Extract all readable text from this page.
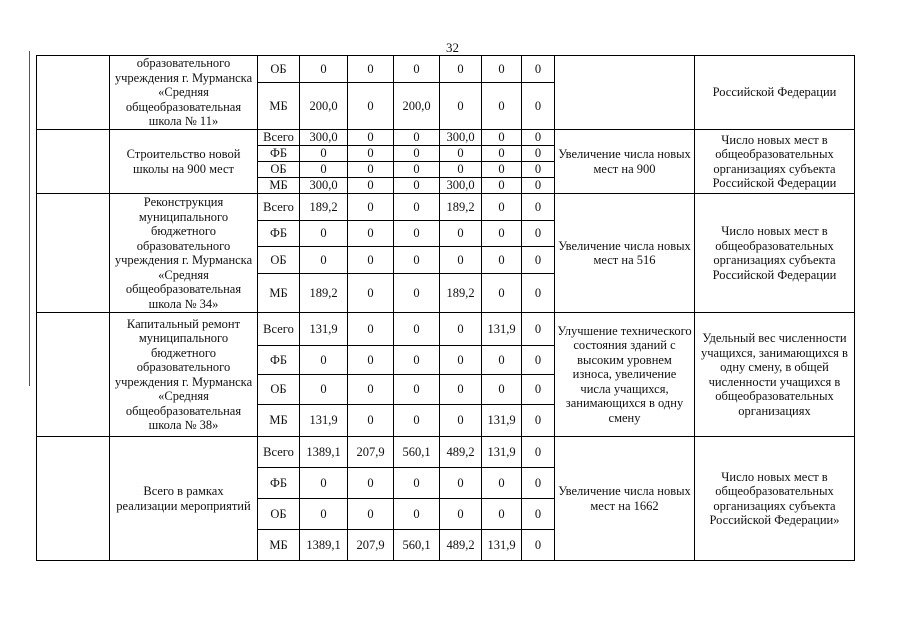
32
	образовательного учреждения г. Мурманска «Средняя общеобразовательная школа № 11»	ОБ	0	0	0	0	0	0		Российской Федерации
		МБ	200,0	0	200,0	0	0	0		
	Строительство новой школы на 900 мест	Всего	300,0	0	0	300,0	0	0	Увеличение числа новых мест на 900	Число новых мест в общеобразовательных организациях субъекта Российской Федерации
		ФБ	0	0	0	0	0	0		
		ОБ	0	0	0	0	0	0		
		МБ	300,0	0	0	300,0	0	0		
	Реконструкция муниципального бюджетного образовательного учреждения г. Мурманска «Средняя общеобразовательная школа № 34»	Всего	189,2	0	0	189,2	0	0	Увеличение числа новых мест на 516	Число новых мест в общеобразовательных организациях субъекта Российской Федерации
		ФБ	0	0	0	0	0	0		
		ОБ	0	0	0	0	0	0		
		МБ	189,2	0	0	189,2	0	0		
	Капитальный ремонт муниципального бюджетного образовательного учреждения г. Мурманска «Средняя общеобразовательная школа № 38»	Всего	131,9	0	0	0	131,9	0	Улучшение технического состояния зданий с высоким уровнем износа, увеличение числа учащихся, занимающихся в одну смену	Удельный вес численности учащихся, занимающихся в одну смену, в общей численности учащихся в общеобразовательных организациях
		ФБ	0	0	0	0	0	0		
		ОБ	0	0	0	0	0	0		
		МБ	131,9	0	0	0	131,9	0		
	Всего в рамках реализации мероприятий	Всего	1389,1	207,9	560,1	489,2	131,9	0	Увеличение числа новых мест на 1662	Число новых мест в общеобразовательных организациях субъекта Российской Федерации»
		ФБ	0	0	0	0	0	0		
		ОБ	0	0	0	0	0	0		
		МБ	1389,1	207,9	560,1	489,2	131,9	0		
